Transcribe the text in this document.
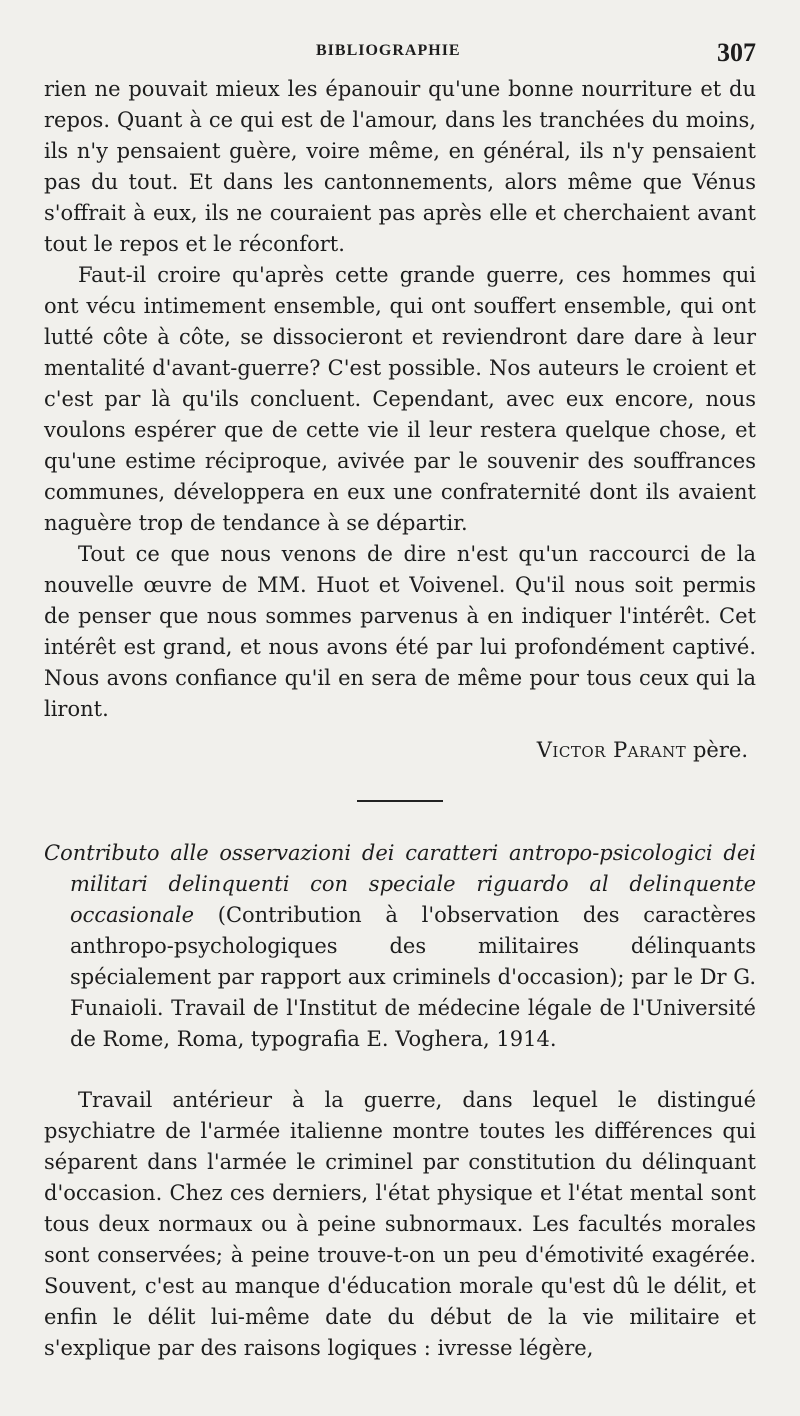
BIBLIOGRAPHIE	307

rien ne pouvait mieux les épanouir qu'une bonne nourriture et du repos. Quant à ce qui est de l'amour, dans les tranchées du moins, ils n'y pensaient guère, voire même, en général, ils n'y pensaient pas du tout. Et dans les cantonnements, alors même que Vénus s'offrait à eux, ils ne couraient pas après elle et cherchaient avant tout le repos et le réconfort.

Faut-il croire qu'après cette grande guerre, ces hommes qui ont vécu intimement ensemble, qui ont souffert ensemble, qui ont lutté côte à côte, se dissocieront et reviendront dare dare à leur mentalité d'avant-guerre? C'est possible. Nos auteurs le croient et c'est par là qu'ils concluent. Cependant, avec eux encore, nous voulons espérer que de cette vie il leur restera quelque chose, et qu'une estime réciproque, avivée par le souvenir des souffrances communes, développera en eux une confraternité dont ils avaient naguère trop de tendance à se départir.

Tout ce que nous venons de dire n'est qu'un raccourci de la nouvelle œuvre de MM. Huot et Voivenel. Qu'il nous soit permis de penser que nous sommes parvenus à en indiquer l'intérêt. Cet intérêt est grand, et nous avons été par lui profondément captivé. Nous avons confiance qu'il en sera de même pour tous ceux qui la liront.

Victor Parant père.
Contributo alle osservazioni dei caratteri antropo-psicologici dei militari delinquenti con speciale riguardo al delinquente occasionale (Contribution à l'observation des caractères anthropo-psychologiques des militaires délinquants spécialement par rapport aux criminels d'occasion); par le Dr G. Funaioli. Travail de l'Institut de médecine légale de l'Université de Rome, Roma, typografia E. Voghera, 1914.
Travail antérieur à la guerre, dans lequel le distingué psychiatre de l'armée italienne montre toutes les différences qui séparent dans l'armée le criminel par constitution du délinquant d'occasion. Chez ces derniers, l'état physique et l'état mental sont tous deux normaux ou à peine subnormaux. Les facultés morales sont conservées; à peine trouve-t-on un peu d'émotivité exagérée. Souvent, c'est au manque d'éducation morale qu'est dû le délit, et enfin le délit lui-même date du début de la vie militaire et s'explique par des raisons logiques : ivresse légère,
